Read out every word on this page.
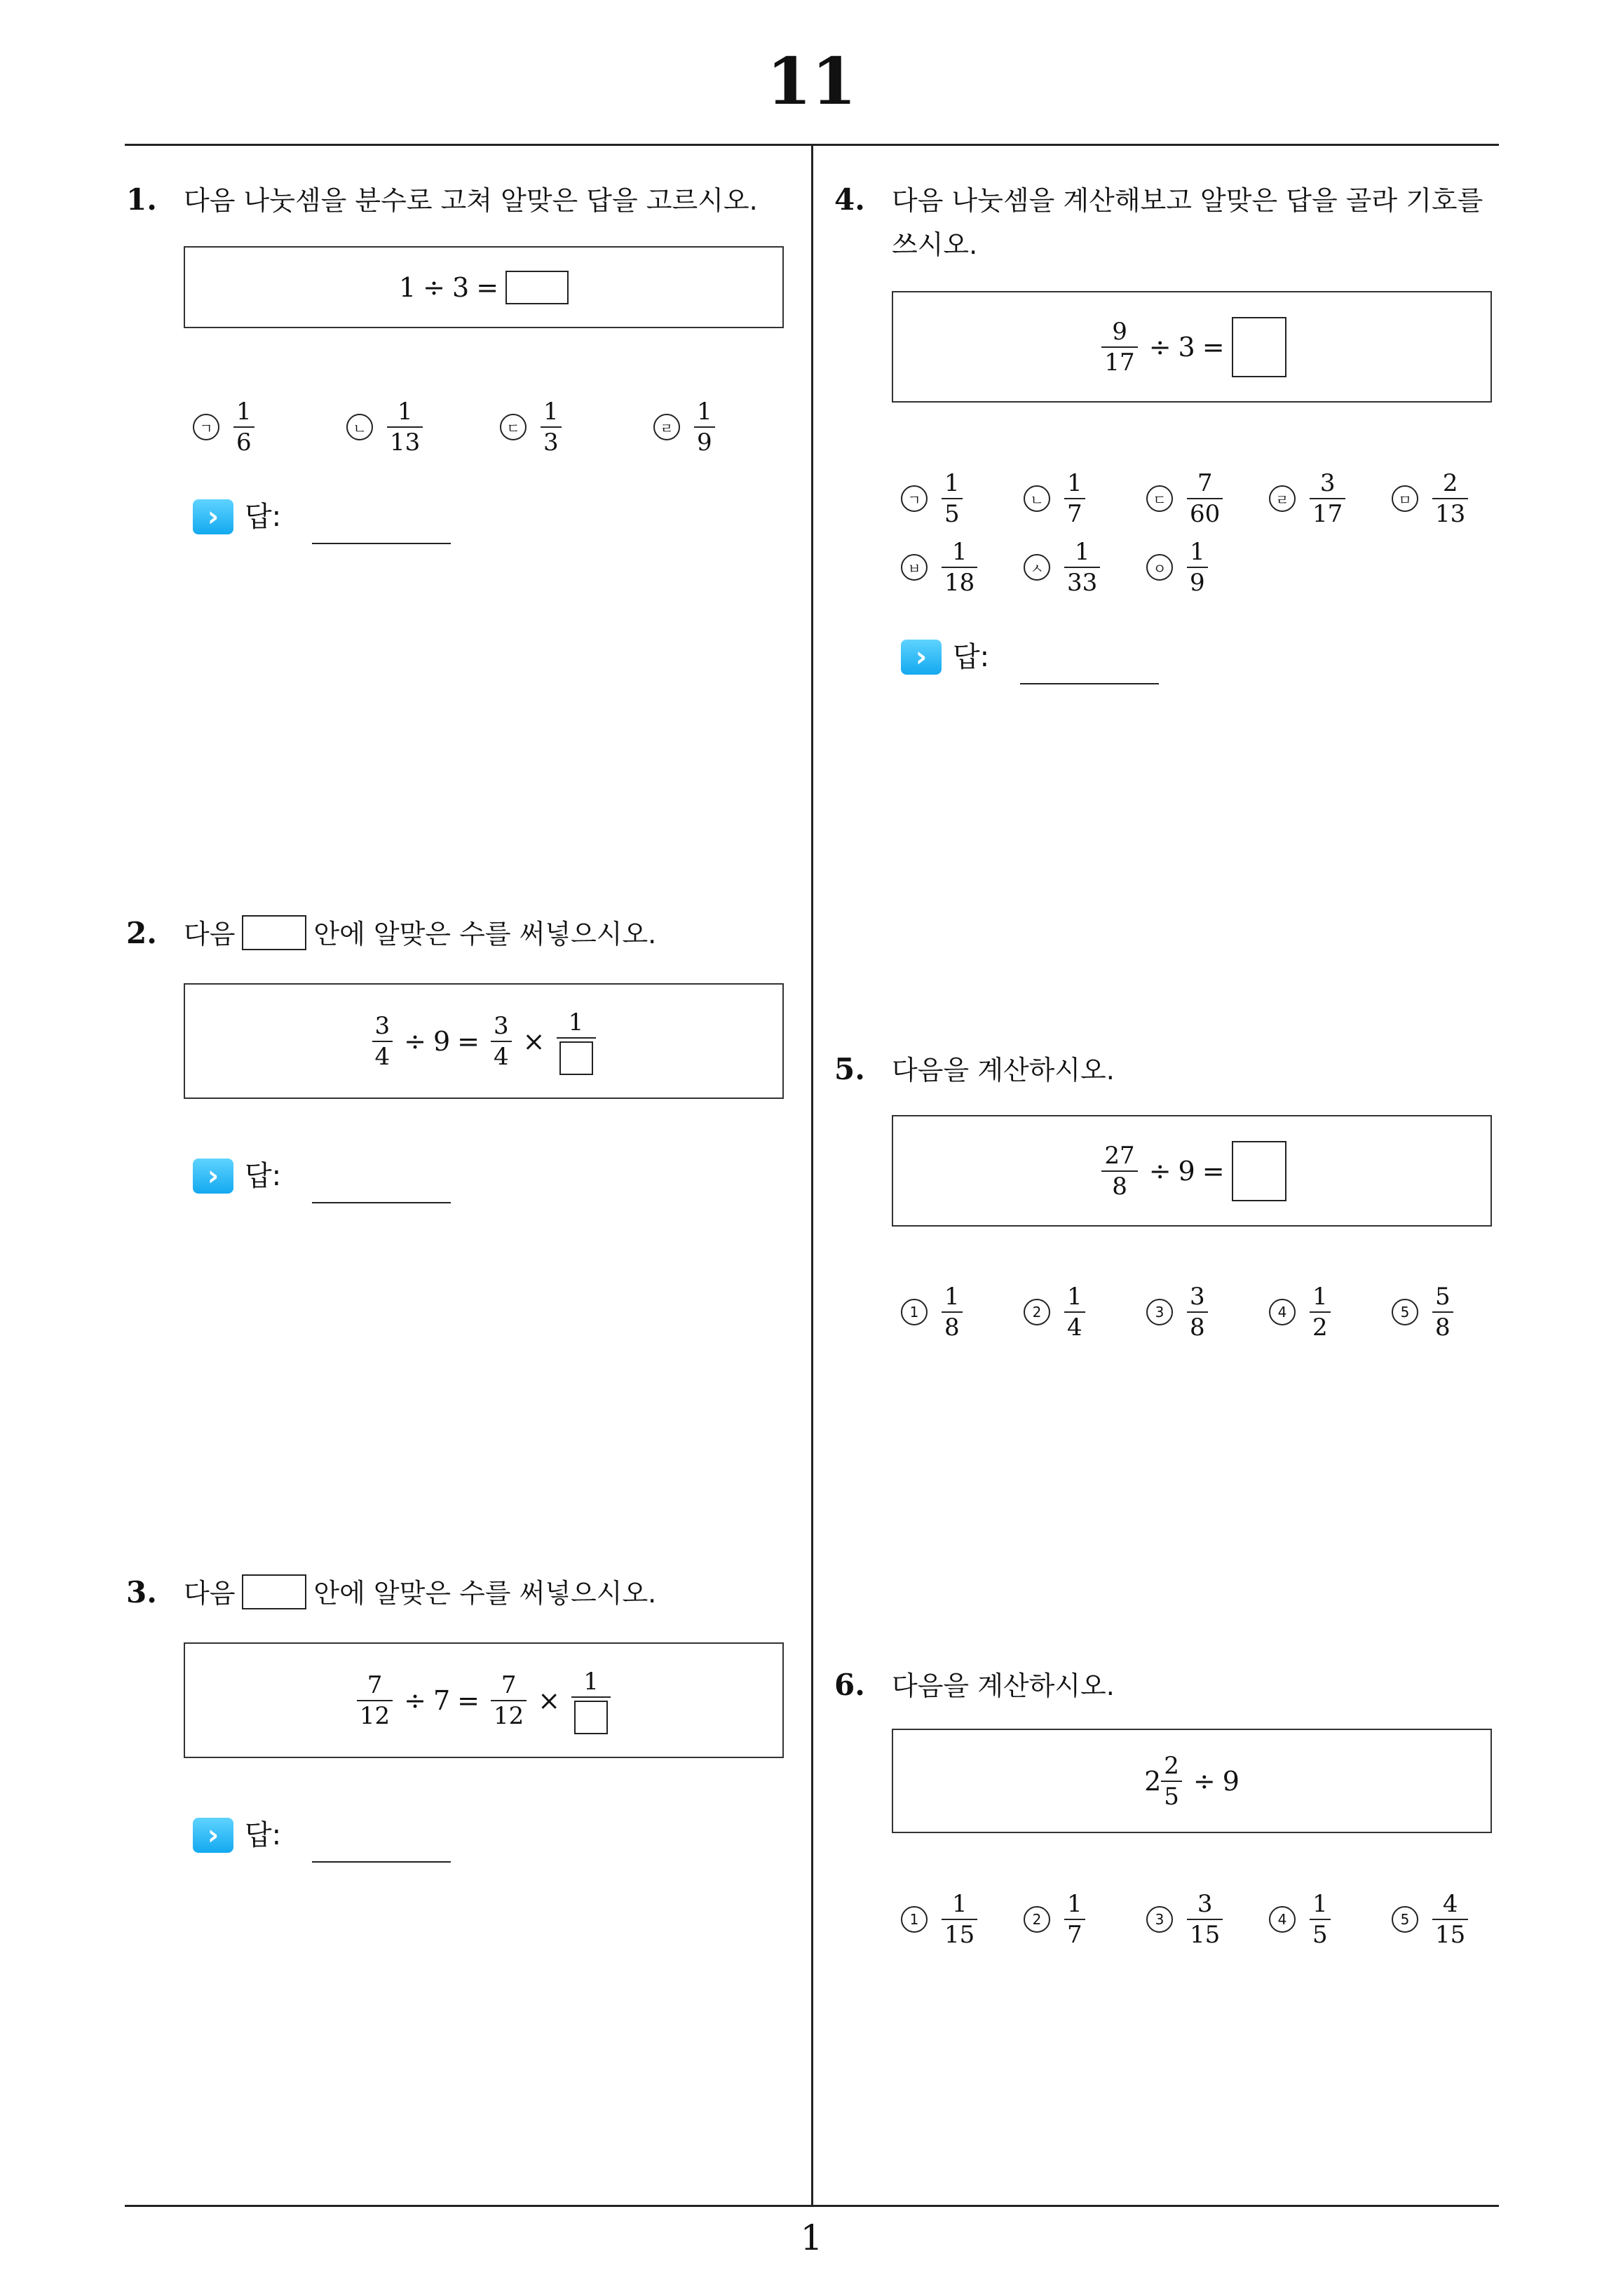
11
1
1. 다음 나눗셈을 분수로 고쳐 알맞은 답을 고르시오.
1 ÷ 3 =
ㄱ $\frac{1}{6}$	ㄴ $\frac{1}{13}$	ㄷ $\frac{1}{3}$	ㄹ $\frac{1}{9}$
› 답:
2. 다음	안에 알맞은 수를 써넣으시오.
$\frac{3}{4} \div 9 = \frac{3}{4}$ ×
1
› 답:
3. 다음	안에 알맞은 수를 써넣으시오.
$\frac{7}{12} \div 7 = \frac{7}{12}$ ×
1
› 답:
4. 다음 나눗셈을 계산해보고 알맞은 답을 골라 기호를
쓰시오.
$\frac{9}{17} \div 3$ =
ㄱ $\frac{1}{5}$	ㄴ $\frac{1}{7}$	ㄷ $\frac{7}{60}$	ㄹ $\frac{3}{17}$	ㅁ $\frac{2}{13}$
ㅂ $\frac{1}{18}$	ㅅ $\frac{1}{33}$	ㅇ $\frac{1}{9}$
› 답:
5. 다음을 계산하시오.
$\frac{27}{8} \div 9$ =
$1 \frac{1}{8}$	$2 \frac{1}{4}$	$3 \frac{3}{8}$	$4 \frac{1}{2}$	$5 \frac{5}{8}$
6. 다음을 계산하시오.
$2 \frac{2}{5} \div 9$
$1 \frac{1}{15}$	$2 \frac{1}{7}$	$3 \frac{3}{15}$	$4 \frac{1}{5}$	$5 \frac{4}{15}$
